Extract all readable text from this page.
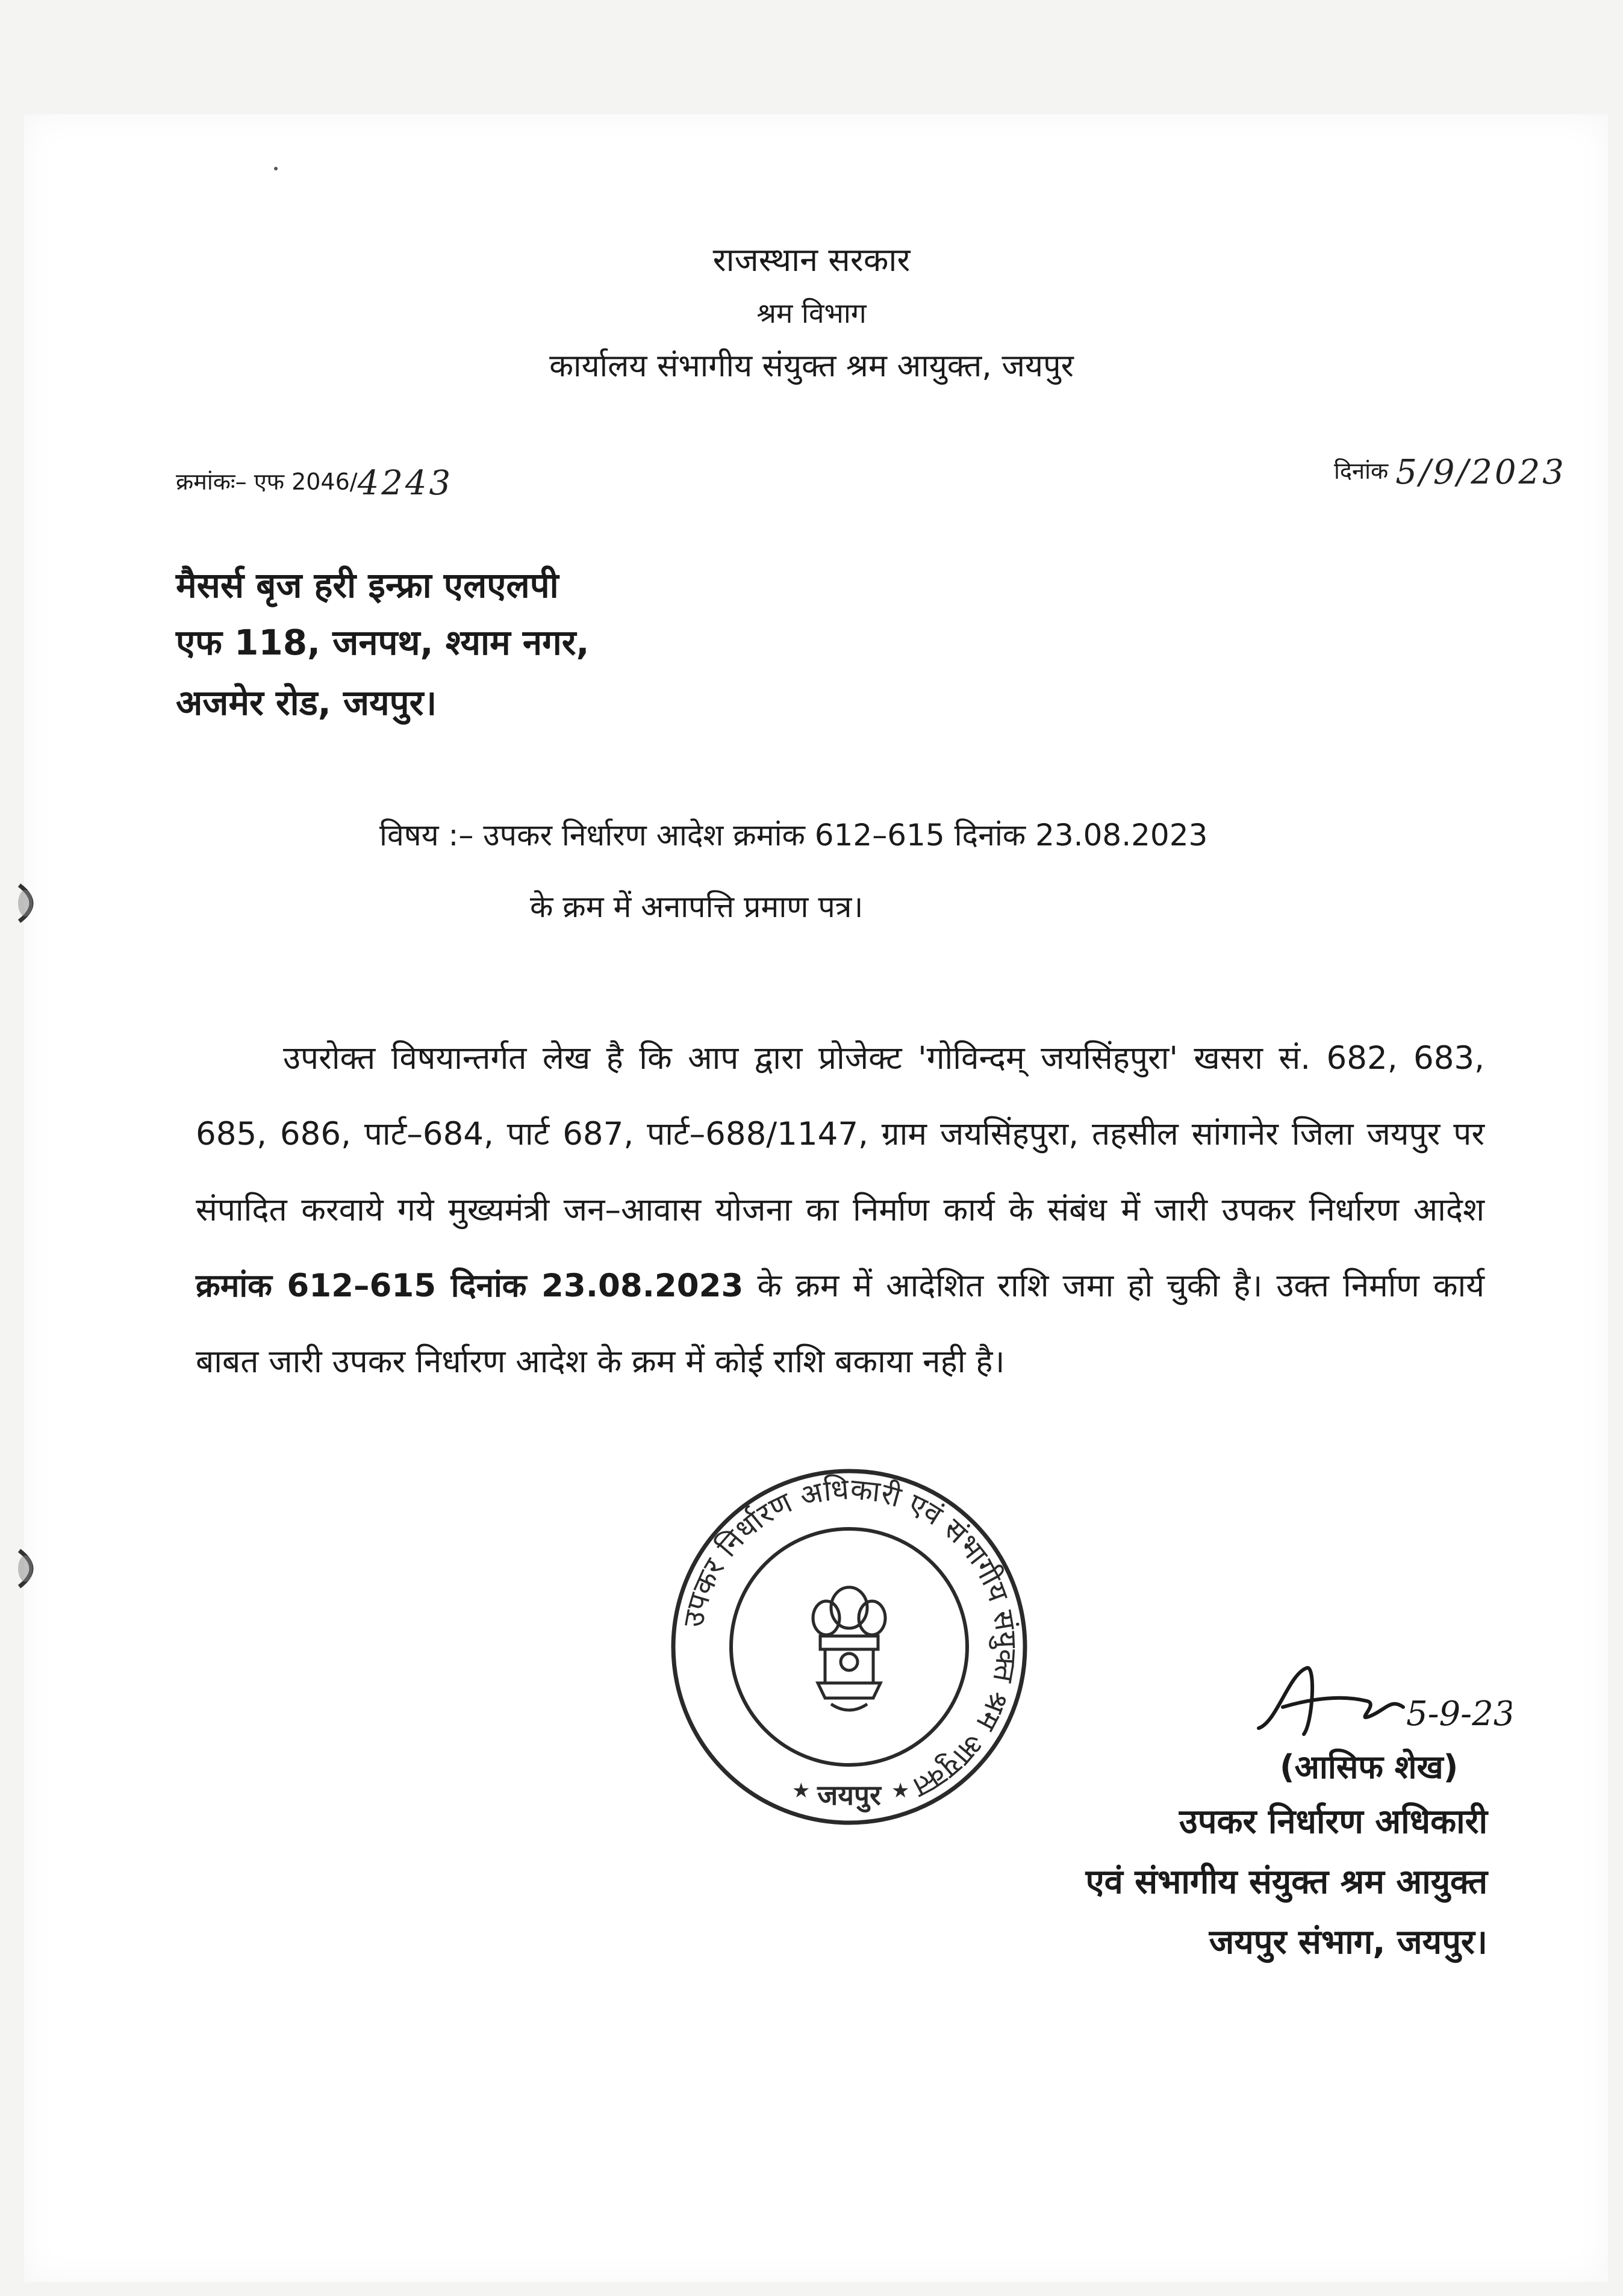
राजस्थान सरकार
श्रम विभाग
कार्यालय संभागीय संयुक्त श्रम आयुक्त, जयपुर
क्रमांकः– एफ 2046/4243	दिनांक 5/9/2023
मैसर्स बृज हरी इन्फ्रा एलएलपी
एफ 118, जनपथ, श्याम नगर,
अजमेर रोड, जयपुर।
विषय :– उपकर निर्धारण आदेश क्रमांक 612–615 दिनांक 23.08.2023
के क्रम में अनापत्ति प्रमाण पत्र।
उपरोक्त विषयान्तर्गत लेख है कि आप द्वारा प्रोजेक्ट 'गोविन्दम् जयसिंहपुरा' खसरा सं. 682, 683, 685, 686, पार्ट–684, पार्ट 687, पार्ट–688/1147, ग्राम जयसिंहपुरा, तहसील सांगानेर जिला जयपुर पर संपादित करवाये गये मुख्यमंत्री जन–आवास योजना का निर्माण कार्य के संबंध में जारी उपकर निर्धारण आदेश क्रमांक 612–615 दिनांक 23.08.2023 के क्रम में आदेशित राशि जमा हो चुकी है। उक्त निर्माण कार्य बाबत जारी उपकर निर्धारण आदेश के क्रम में कोई राशि बकाया नही है।
उपकर निर्धारण अधिकारी एवं संभागीय संयुक्त श्रम आयुक्त
जयपुर
★	★
5-9-23
(आसिफ शेख)
उपकर निर्धारण अधिकारी
एवं संभागीय संयुक्त श्रम आयुक्त
जयपुर संभाग, जयपुर।
